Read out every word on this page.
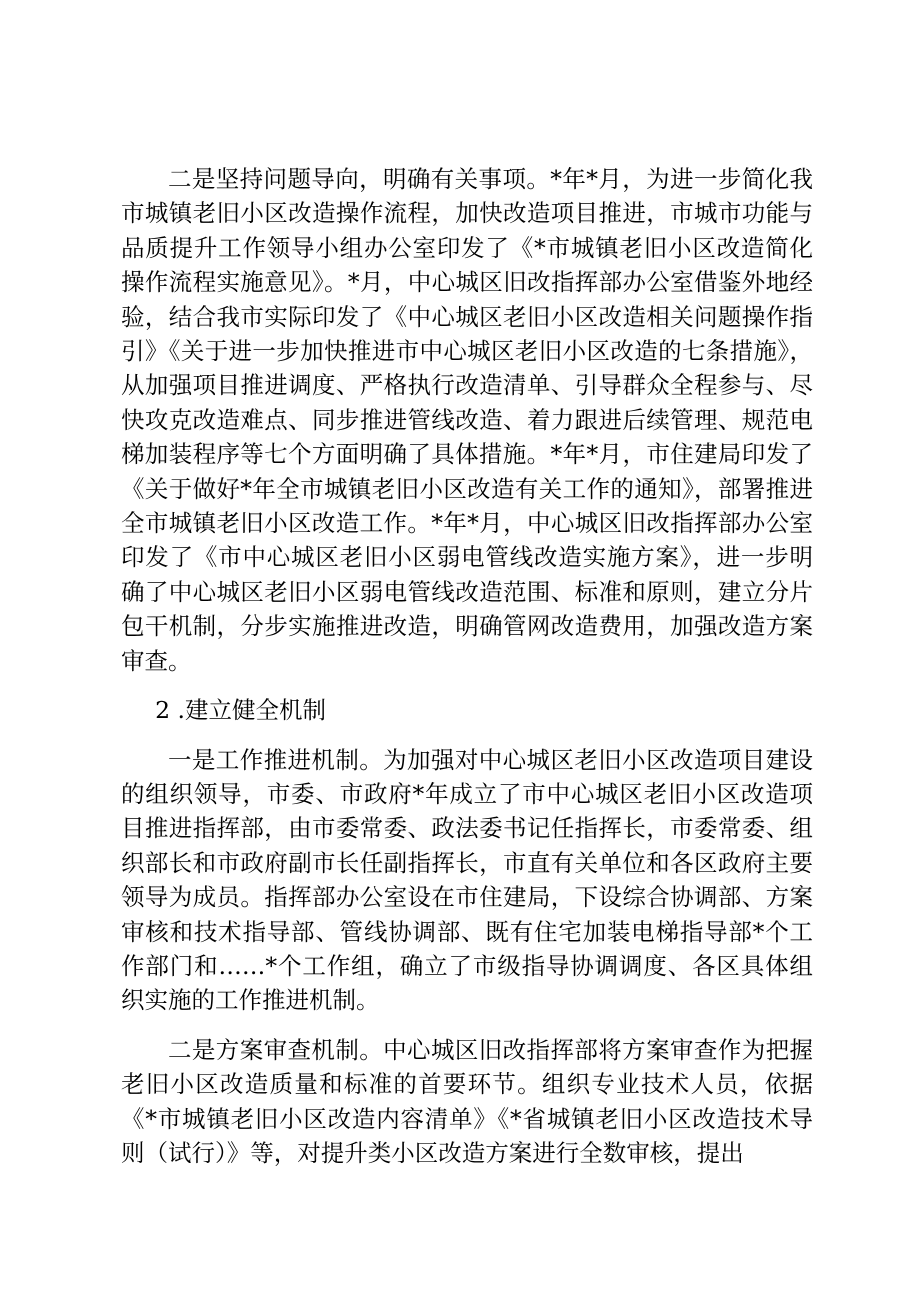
二是坚持问题导向，明确有关事项。*年*月，为进一步简化我市城镇老旧小区改造操作流程，加快改造项目推进，市城市功能与品质提升工作领导小组办公室印发了《*市城镇老旧小区改造简化操作流程实施意见》。*月，中心城区旧改指挥部办公室借鉴外地经验，结合我市实际印发了《中心城区老旧小区改造相关问题操作指引》《关于进一步加快推进市中心城区老旧小区改造的七条措施》，从加强项目推进调度、严格执行改造清单、引导群众全程参与、尽快攻克改造难点、同步推进管线改造、着力跟进后续管理、规范电梯加装程序等七个方面明确了具体措施。*年*月，市住建局印发了《关于做好*年全市城镇老旧小区改造有关工作的通知》，部署推进全市城镇老旧小区改造工作。*年*月，中心城区旧改指挥部办公室印发了《市中心城区老旧小区弱电管线改造实施方案》，进一步明确了中心城区老旧小区弱电管线改造范围、标准和原则，建立分片包干机制，分步实施推进改造，明确管网改造费用，加强改造方案审查。

2 .建立健全机制

一是工作推进机制。为加强对中心城区老旧小区改造项目建设的组织领导，市委、市政府*年成立了市中心城区老旧小区改造项目推进指挥部，由市委常委、政法委书记任指挥长，市委常委、组织部长和市政府副市长任副指挥长，市直有关单位和各区政府主要领导为成员。指挥部办公室设在市住建局，下设综合协调部、方案审核和技术指导部、管线协调部、既有住宅加装电梯指导部*个工作部门和……*个工作组，确立了市级指导协调调度、各区具体组织实施的工作推进机制。

二是方案审查机制。中心城区旧改指挥部将方案审查作为把握老旧小区改造质量和标准的首要环节。组织专业技术人员，依据《*市城镇老旧小区改造内容清单》《*省城镇老旧小区改造技术导则（试行）》等，对提升类小区改造方案进行全数审核，提出
